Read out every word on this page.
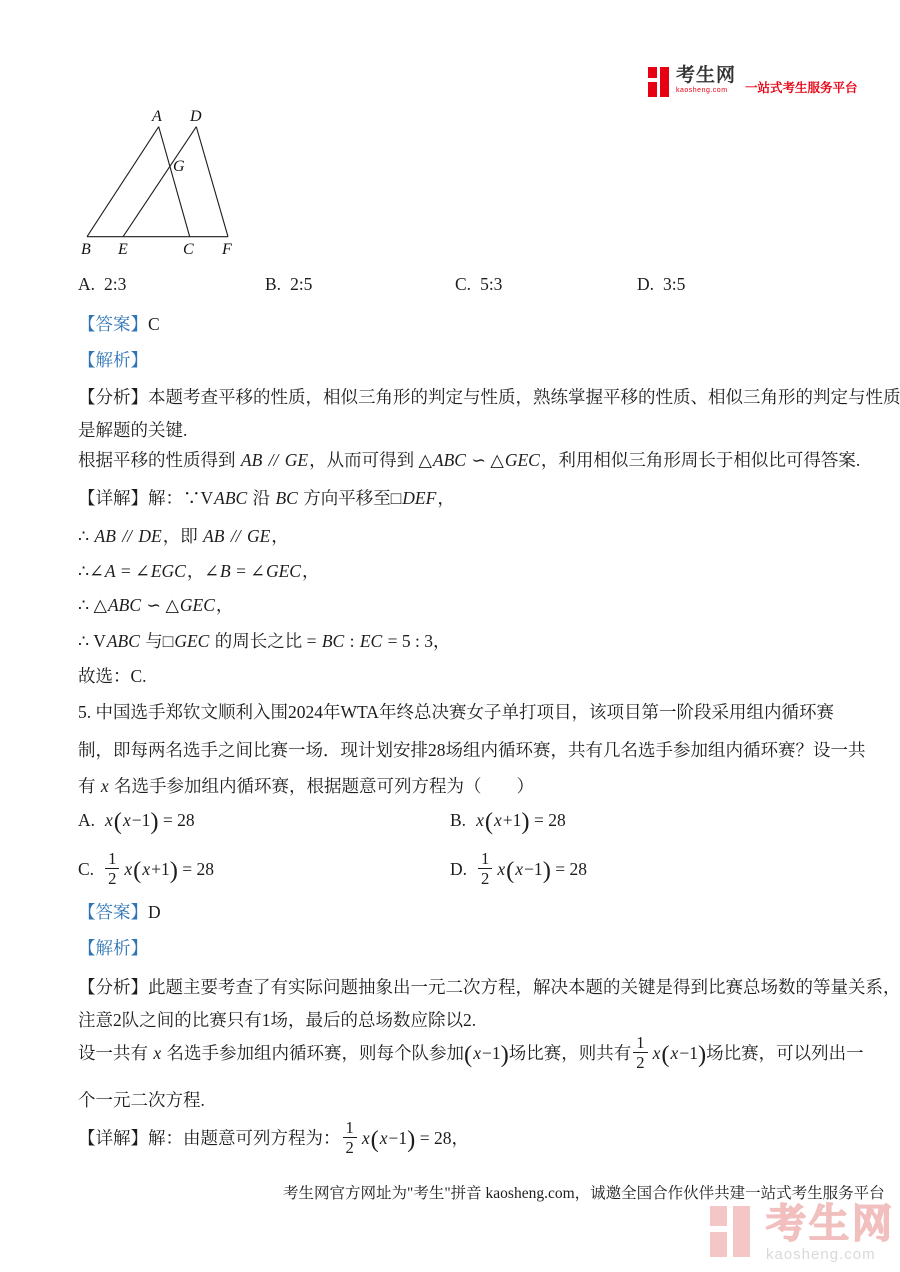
考生网
kaosheng.com	一站式考生服务平台
A D
G
B E	C F
A. 2:3	B. 2:5	C. 5:3	D. 3:5
【答案】C
【解析】
【分析】本题考查平移的性质，相似三角形的判定与性质，熟练掌握平移的性质、相似三角形的判定与性质
是解题的关键.
根据平移的性质得到 AB // GE，从而可得到 △ABC ∽ △GEC，利用相似三角形周长于相似比可得答案.
【详解】解：∵VABC 沿 BC 方向平移至□DEF，
∴ AB // DE，即 AB // GE，
∴∠A = ∠EGC，∠B = ∠GEC，
∴ △ABC ∽ △GEC，
∴ VABC 与□GEC 的周长之比 = BC : EC = 5 : 3，
故选：C.
5. 中国选手郑钦文顺利入围2024年WTA年终总决赛女子单打项目，该项目第一阶段采用组内循环赛
制，即每两名选手之间比赛一场．现计划安排28场组内循环赛，共有几名选手参加组内循环赛？设一共
有 x 名选手参加组内循环赛，根据题意可列方程为（　　）
A. x(x−1) = 28	B. x(x+1) = 28
C. $\frac{1}{2} x(x+1) = 28$	D. $\frac{1}{2} x(x-1) = 28$
【答案】D
【解析】
【分析】此题主要考查了有实际问题抽象出一元二次方程，解决本题的关键是得到比赛总场数的等量关系，
注意2队之间的比赛只有1场，最后的总场数应除以2.
设一共有 x 名选手参加组内循环赛，则每个队参加(x−1)场比赛，则共有 $\frac{1}{2} x(x-1)$场比赛，可以列出一
个一元二次方程.
【详解】解：由题意可列方程为： $\frac{1}{2} x(x-1) = 28$，
考生网官方网址为"考生"拼音 kaosheng.com，诚邀全国合作伙伴共建一站式考生服务平台
考生网
kaosheng.com
